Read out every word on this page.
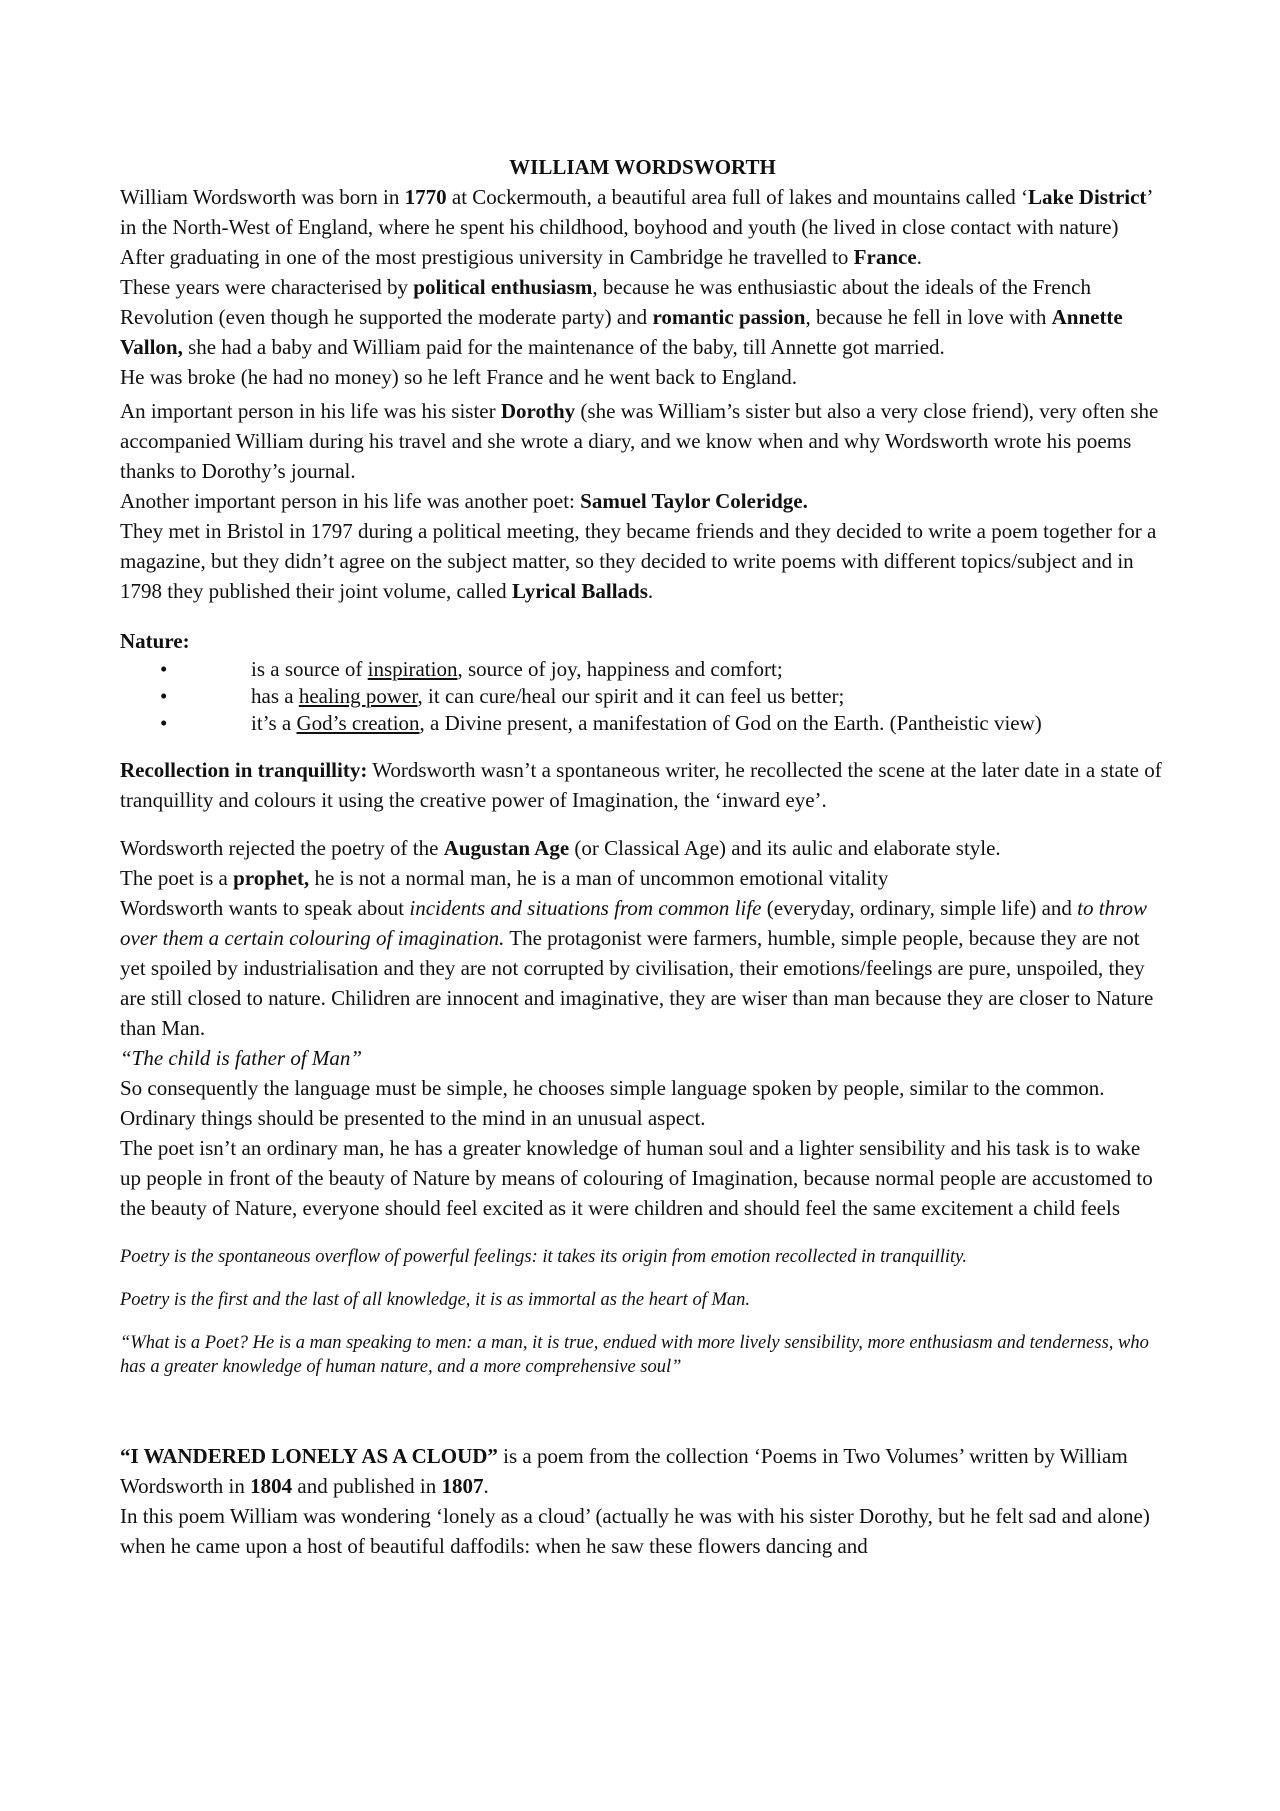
WILLIAM WORDSWORTH

William Wordsworth was born in 1770 at Cockermouth, a beautiful area full of lakes and mountains called ‘Lake District’ in the North-West of England, where he spent his childhood, boyhood and youth (he lived in close contact with nature)

After graduating in one of the most prestigious university in Cambridge he travelled to France.

These years were characterised by political enthusiasm, because he was enthusiastic about the ideals of the French Revolution (even though he supported the moderate party) and romantic passion, because he fell in love with Annette Vallon, she had a baby and William paid for the maintenance of the baby, till Annette got married.

He was broke (he had no money) so he left France and he went back to England.

An important person in his life was his sister Dorothy (she was William’s sister but also a very close friend), very often she accompanied William during his travel and she wrote a diary, and we know when and why Wordsworth wrote his poems thanks to Dorothy’s journal.

Another important person in his life was another poet: Samuel Taylor Coleridge.

They met in Bristol in 1797 during a political meeting, they became friends and they decided to write a poem together for a magazine, but they didn’t agree on the subject matter, so they decided to write poems with different topics/subject and in 1798 they published their joint volume, called Lyrical Ballads.

Nature:

•	is a source of inspiration, source of joy, happiness and comfort;
•	has a healing power, it can cure/heal our spirit and it can feel us better;
•	it’s a God’s creation, a Divine present, a manifestation of God on the Earth. (Pantheistic view)

Recollection in tranquillity: Wordsworth wasn’t a spontaneous writer, he recollected the scene at the later date in a state of tranquillity and colours it using the creative power of Imagination, the ‘inward eye’.

Wordsworth rejected the poetry of the Augustan Age (or Classical Age) and its aulic and elaborate style.

The poet is a prophet, he is not a normal man, he is a man of uncommon emotional vitality

Wordsworth wants to speak about incidents and situations from common life (everyday, ordinary, simple life) and to throw over them a certain colouring of imagination. The protagonist were farmers, humble, simple people, because they are not yet spoiled by industrialisation and they are not corrupted by civilisation, their emotions/feelings are pure, unspoiled, they are still closed to nature. Chilidren are innocent and imaginative, they are wiser than man because they are closer to Nature than Man.

“The child is father of Man”

So consequently the language must be simple, he chooses simple language spoken by people, similar to the common. Ordinary things should be presented to the mind in an unusual aspect.

The poet isn’t an ordinary man, he has a greater knowledge of human soul and a lighter sensibility and his task is to wake up people in front of the beauty of Nature by means of colouring of Imagination, because normal people are accustomed to the beauty of Nature, everyone should feel excited as it were children and should feel the same excitement a child feels

Poetry is the spontaneous overflow of powerful feelings: it takes its origin from emotion recollected in tranquillity.

Poetry is the first and the last of all knowledge, it is as immortal as the heart of Man.

“What is a Poet? He is a man speaking to men: a man, it is true, endued with more lively sensibility, more enthusiasm and tenderness, who has a greater knowledge of human nature, and a more comprehensive soul”

“I WANDERED LONELY AS A CLOUD” is a poem from the collection ‘Poems in Two Volumes’ written by William Wordsworth in 1804 and published in 1807.

In this poem William was wondering ‘lonely as a cloud’ (actually he was with his sister Dorothy, but he felt sad and alone) when he came upon a host of beautiful daffodils: when he saw these flowers dancing and
